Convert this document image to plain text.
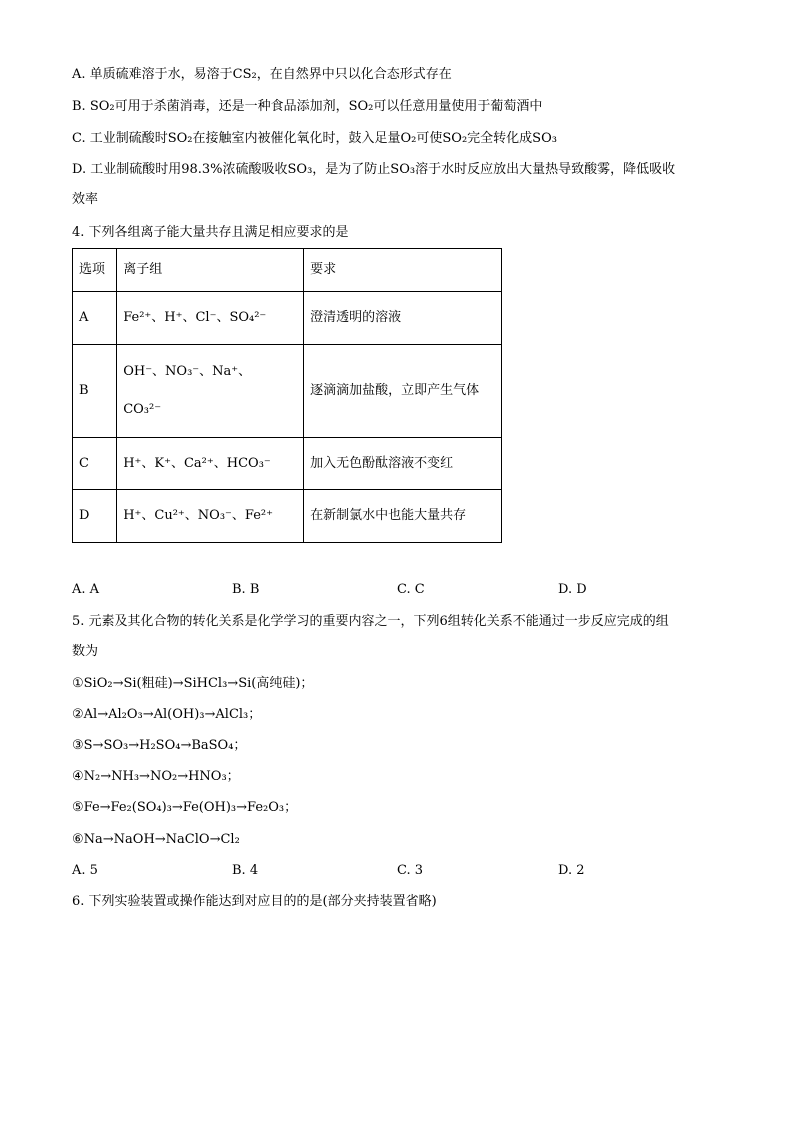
A. 单质硫难溶于水，易溶于CS₂，在自然界中只以化合态形式存在
B. SO₂可用于杀菌消毒，还是一种食品添加剂，SO₂可以任意用量使用于葡萄酒中
C. 工业制硫酸时SO₂在接触室内被催化氧化时，鼓入足量O₂可使SO₂完全转化成SO₃
D. 工业制硫酸时用98.3%浓硫酸吸收SO₃，是为了防止SO₃溶于水时反应放出大量热导致酸雾，降低吸收
效率
4. 下列各组离子能大量共存且满足相应要求的是
选项	离子组	要求
A	Fe²⁺、H⁺、Cl⁻、SO₄²⁻	澄清透明的溶液
B	OH⁻、NO₃⁻、Na⁺、
CO₃²⁻	逐滴滴加盐酸，立即产生气体
C	H⁺、K⁺、Ca²⁺、HCO₃⁻	加入无色酚酞溶液不变红
D	H⁺、Cu²⁺、NO₃⁻、Fe²⁺	在新制氯水中也能大量共存
A. A	B. B	C. C	D. D
5. 元素及其化合物的转化关系是化学学习的重要内容之一，下列6组转化关系不能通过一步反应完成的组
数为
①SiO₂→Si(粗硅)→SiHCl₃→Si(高纯硅)；
②Al→Al₂O₃→Al(OH)₃→AlCl₃；
③S→SO₃→H₂SO₄→BaSO₄；
④N₂→NH₃→NO₂→HNO₃；
⑤Fe→Fe₂(SO₄)₃→Fe(OH)₃→Fe₂O₃；
⑥Na→NaOH→NaClO→Cl₂
A. 5	B. 4	C. 3	D. 2
6. 下列实验装置或操作能达到对应目的的是(部分夹持装置省略)
